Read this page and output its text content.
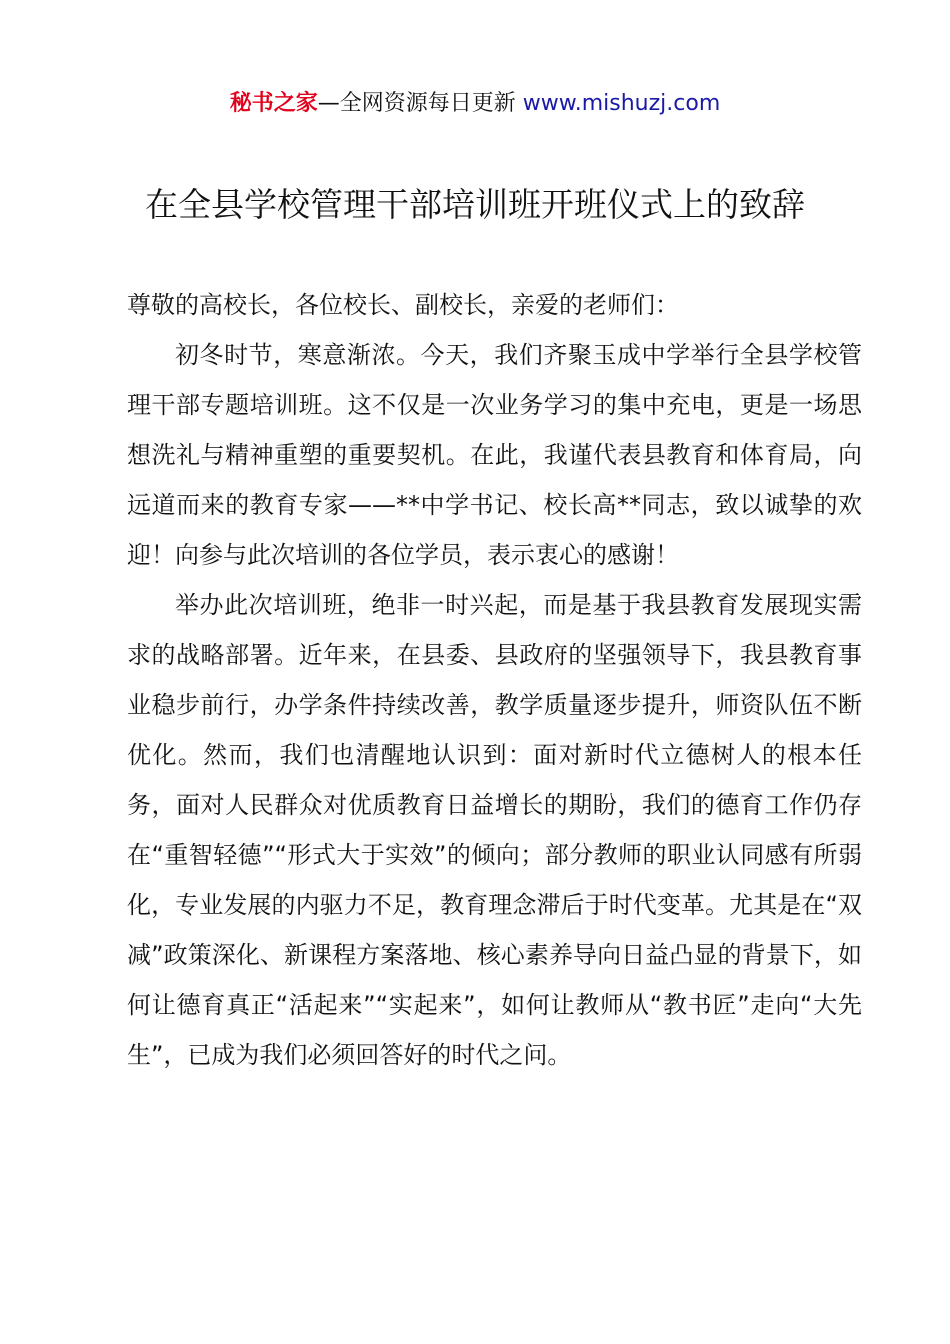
秘书之家—全网资源每日更新 www.mishuzj.com
在全县学校管理干部培训班开班仪式上的致辞

尊敬的高校长，各位校长、副校长，亲爱的老师们：

初冬时节，寒意渐浓。今天，我们齐聚玉成中学举行全县学校管理干部专题培训班。这不仅是一次业务学习的集中充电，更是一场思想洗礼与精神重塑的重要契机。在此，我谨代表县教育和体育局，向远道而来的教育专家——**中学书记、校长高**同志，致以诚挚的欢迎！向参与此次培训的各位学员，表示衷心的感谢！

举办此次培训班，绝非一时兴起，而是基于我县教育发展现实需求的战略部署。近年来，在县委、县政府的坚强领导下，我县教育事业稳步前行，办学条件持续改善，教学质量逐步提升，师资队伍不断优化。然而，我们也清醒地认识到：面对新时代立德树人的根本任务，面对人民群众对优质教育日益增长的期盼，我们的德育工作仍存在“重智轻德”“形式大于实效”的倾向；部分教师的职业认同感有所弱化，专业发展的内驱力不足，教育理念滞后于时代变革。尤其是在“双减”政策深化、新课程方案落地、核心素养导向日益凸显的背景下，如何让德育真正“活起来”“实起来”，如何让教师从“教书匠”走向“大先生”，已成为我们必须回答好的时代之问。
